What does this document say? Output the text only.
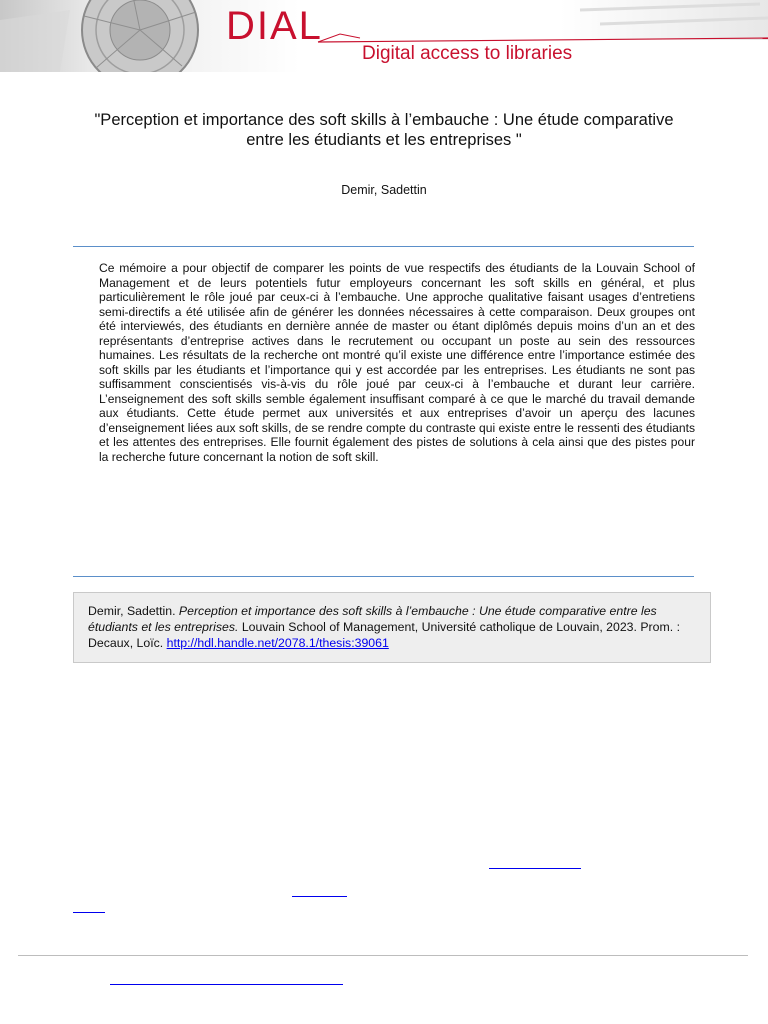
DIAL
Digital access to libraries
"Perception et importance des soft skills à l’embauche : Une étude comparative entre les étudiants et les entreprises "
Demir, Sadettin
Ce mémoire a pour objectif de comparer les points de vue respectifs des étudiants de la Louvain School of Management et de leurs potentiels futur employeurs concernant les soft skills en général, et plus particulièrement le rôle joué par ceux-ci à l’embauche. Une approche qualitative faisant usages d’entretiens semi-directifs a été utilisée afin de générer les données nécessaires à cette comparaison. Deux groupes ont été interviewés, des étudiants en dernière année de master ou étant diplômés depuis moins d’un an et des représentants d’entreprise actives dans le recrutement ou occupant un poste au sein des ressources humaines. Les résultats de la recherche ont montré qu’il existe une différence entre l’importance estimée des soft skills par les étudiants et l’importance qui y est accordée par les entreprises. Les étudiants ne sont pas suffisamment conscientisés vis-à-vis du rôle joué par ceux-ci à l’embauche et durant leur carrière. L’enseignement des soft skills semble également insuffisant comparé à ce que le marché du travail demande aux étudiants. Cette étude permet aux universités et aux entreprises d’avoir un aperçu des lacunes d’enseignement liées aux soft skills, de se rendre compte du contraste qui existe entre le ressenti des étudiants et les attentes des entreprises. Elle fournit également des pistes de solutions à cela ainsi que des pistes pour la recherche future concernant la notion de soft skill.
Demir, Sadettin. Perception et importance des soft skills à l’embauche : Une étude comparative entre les étudiants et les entreprises. Louvain School of Management, Université catholique de Louvain, 2023. Prom. : Decaux, Loïc. http://hdl.handle.net/2078.1/thesis:39061
